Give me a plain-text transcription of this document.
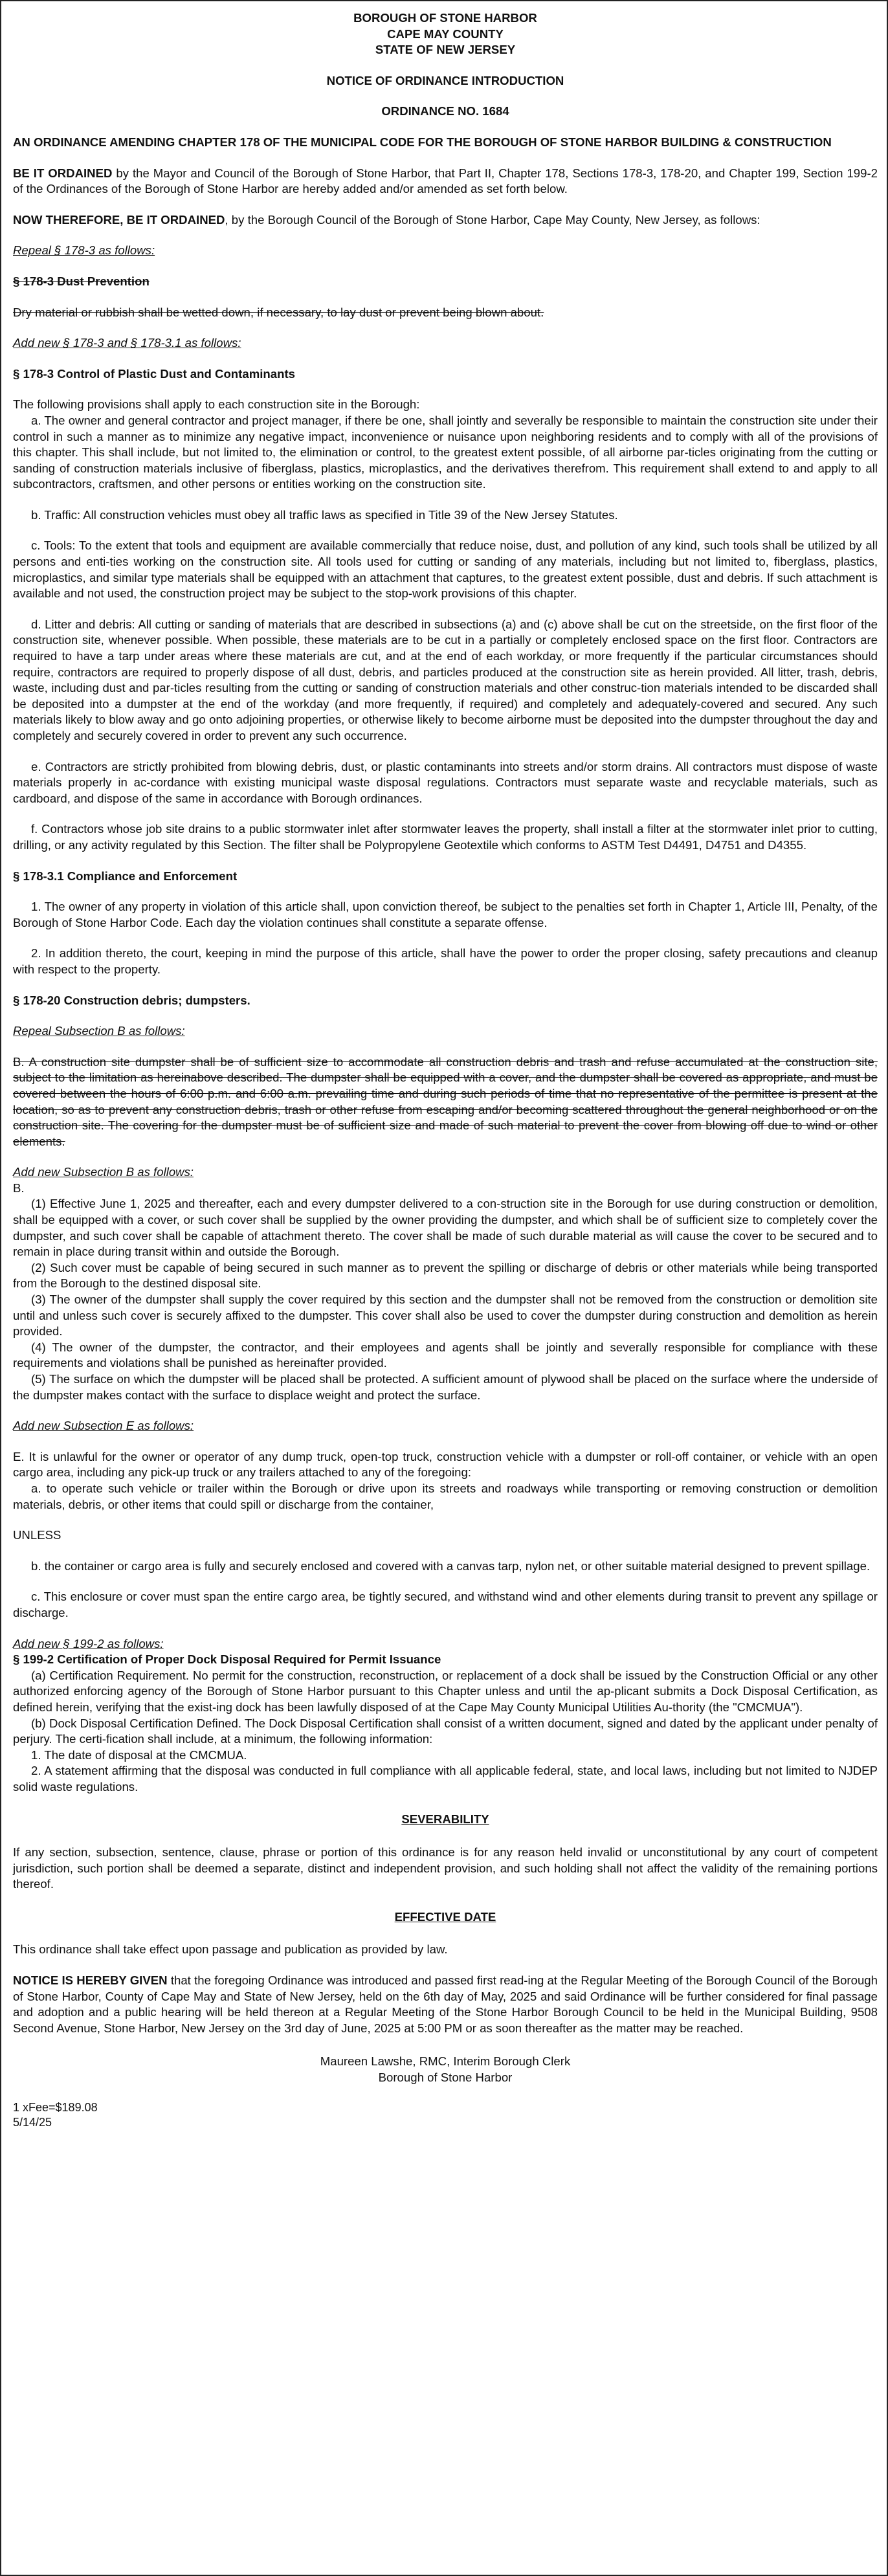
BOROUGH OF STONE HARBOR

CAPE MAY COUNTY

STATE OF NEW JERSEY

NOTICE OF ORDINANCE INTRODUCTION

ORDINANCE NO. 1684

AN ORDINANCE AMENDING CHAPTER 178 OF THE MUNICIPAL CODE FOR THE BOROUGH OF STONE HARBOR BUILDING & CONSTRUCTION

BE IT ORDAINED by the Mayor and Council of the Borough of Stone Harbor, that Part II, Chapter 178, Sections 178-3, 178-20, and Chapter 199, Section 199-2 of the Ordinances of the Borough of Stone Harbor are hereby added and/or amended as set forth below.

NOW THEREFORE, BE IT ORDAINED, by the Borough Council of the Borough of Stone Harbor, Cape May County, New Jersey, as follows:

Repeal § 178-3 as follows:

§ 178-3 Dust Prevention

Dry material or rubbish shall be wetted down, if necessary, to lay dust or prevent being blown about.

Add new § 178-3 and § 178-3.1 as follows:

§ 178-3 Control of Plastic Dust and Contaminants

The following provisions shall apply to each construction site in the Borough:

a. The owner and general contractor and project manager, if there be one, shall jointly and severally be responsible to maintain the construction site under their control in such a manner as to minimize any negative impact, inconvenience or nuisance upon neighboring residents and to comply with all of the provisions of this chapter. This shall include, but not limited to, the elimination or control, to the greatest extent possible, of all airborne par-ticles originating from the cutting or sanding of construction materials inclusive of fiberglass, plastics, microplastics, and the derivatives therefrom. This requirement shall extend to and apply to all subcontractors, craftsmen, and other persons or entities working on the construction site.

b. Traffic: All construction vehicles must obey all traffic laws as specified in Title 39 of the New Jersey Statutes.

c. Tools: To the extent that tools and equipment are available commercially that reduce noise, dust, and pollution of any kind, such tools shall be utilized by all persons and enti-ties working on the construction site. All tools used for cutting or sanding of any materials, including but not limited to, fiberglass, plastics, microplastics, and similar type materials shall be equipped with an attachment that captures, to the greatest extent possible, dust and debris. If such attachment is available and not used, the construction project may be subject to the stop-work provisions of this chapter.

d. Litter and debris: All cutting or sanding of materials that are described in subsections (a) and (c) above shall be cut on the streetside, on the first floor of the construction site, whenever possible. When possible, these materials are to be cut in a partially or completely enclosed space on the first floor. Contractors are required to have a tarp under areas where these materials are cut, and at the end of each workday, or more frequently if the particular circumstances should require, contractors are required to properly dispose of all dust, debris, and particles produced at the construction site as herein provided. All litter, trash, debris, waste, including dust and par-ticles resulting from the cutting or sanding of construction materials and other construc-tion materials intended to be discarded shall be deposited into a dumpster at the end of the workday (and more frequently, if required) and completely and adequately-covered and secured. Any such materials likely to blow away and go onto adjoining properties, or otherwise likely to become airborne must be deposited into the dumpster throughout the day and completely and securely covered in order to prevent any such occurrence.

e. Contractors are strictly prohibited from blowing debris, dust, or plastic contaminants into streets and/or storm drains. All contractors must dispose of waste materials properly in ac-cordance with existing municipal waste disposal regulations. Contractors must separate waste and recyclable materials, such as cardboard, and dispose of the same in accordance with Borough ordinances.

f. Contractors whose job site drains to a public stormwater inlet after stormwater leaves the property, shall install a filter at the stormwater inlet prior to cutting, drilling, or any activity regulated by this Section. The filter shall be Polypropylene Geotextile which conforms to ASTM Test D4491, D4751 and D4355.

§ 178-3.1 Compliance and Enforcement

1. The owner of any property in violation of this article shall, upon conviction thereof, be subject to the penalties set forth in Chapter 1, Article III, Penalty, of the Borough of Stone Harbor Code. Each day the violation continues shall constitute a separate offense.

2. In addition thereto, the court, keeping in mind the purpose of this article, shall have the power to order the proper closing, safety precautions and cleanup with respect to the property.

§ 178-20 Construction debris; dumpsters.

Repeal Subsection B as follows:

B. A construction site dumpster shall be of sufficient size to accommodate all construction debris and trash and refuse accumulated at the construction site, subject to the limitation as hereinabove described. The dumpster shall be equipped with a cover, and the dumpster shall be covered as appropriate, and must be covered between the hours of 6:00 p.m. and 6:00 a.m. prevailing time and during such periods of time that no representative of the permittee is present at the location, so as to prevent any construction debris, trash or other refuse from escaping and/or becoming scattered throughout the general neighborhood or on the construction site. The covering for the dumpster must be of sufficient size and made of such material to prevent the cover from blowing off due to wind or other elements.

Add new Subsection B as follows:

B.

(1) Effective June 1, 2025 and thereafter, each and every dumpster delivered to a con-struction site in the Borough for use during construction or demolition, shall be equipped with a cover, or such cover shall be supplied by the owner providing the dumpster, and which shall be of sufficient size to completely cover the dumpster, and such cover shall be capable of attachment thereto. The cover shall be made of such durable material as will cause the cover to be secured and to remain in place during transit within and outside the Borough.

(2) Such cover must be capable of being secured in such manner as to prevent the spilling or discharge of debris or other materials while being transported from the Borough to the destined disposal site.

(3) The owner of the dumpster shall supply the cover required by this section and the dumpster shall not be removed from the construction or demolition site until and unless such cover is securely affixed to the dumpster. This cover shall also be used to cover the dumpster during construction and demolition as herein provided.

(4) The owner of the dumpster, the contractor, and their employees and agents shall be jointly and severally responsible for compliance with these requirements and violations shall be punished as hereinafter provided.

(5) The surface on which the dumpster will be placed shall be protected. A sufficient amount of plywood shall be placed on the surface where the underside of the dumpster makes contact with the surface to displace weight and protect the surface.

Add new Subsection E as follows:

E. It is unlawful for the owner or operator of any dump truck, open-top truck, construction vehicle with a dumpster or roll-off container, or vehicle with an open cargo area, including any pick-up truck or any trailers attached to any of the foregoing:

a. to operate such vehicle or trailer within the Borough or drive upon its streets and roadways while transporting or removing construction or demolition materials, debris, or other items that could spill or discharge from the container,

UNLESS

b. the container or cargo area is fully and securely enclosed and covered with a canvas tarp, nylon net, or other suitable material designed to prevent spillage.

c. This enclosure or cover must span the entire cargo area, be tightly secured, and withstand wind and other elements during transit to prevent any spillage or discharge.

Add new § 199-2 as follows:

§ 199-2 Certification of Proper Dock Disposal Required for Permit Issuance

(a) Certification Requirement. No permit for the construction, reconstruction, or replacement of a dock shall be issued by the Construction Official or any other authorized enforcing agency of the Borough of Stone Harbor pursuant to this Chapter unless and until the ap-plicant submits a Dock Disposal Certification, as defined herein, verifying that the exist-ing dock has been lawfully disposed of at the Cape May County Municipal Utilities Au-thority (the "CMCMUA").

(b) Dock Disposal Certification Defined. The Dock Disposal Certification shall consist of a written document, signed and dated by the applicant under penalty of perjury. The certi-fication shall include, at a minimum, the following information:

1. The date of disposal at the CMCMUA.

2. A statement affirming that the disposal was conducted in full compliance with all applicable federal, state, and local laws, including but not limited to NJDEP solid waste regulations.

SEVERABILITY

If any section, subsection, sentence, clause, phrase or portion of this ordinance is for any reason held invalid or unconstitutional by any court of competent jurisdiction, such portion shall be deemed a separate, distinct and independent provision, and such holding shall not affect the validity of the remaining portions thereof.

EFFECTIVE DATE

This ordinance shall take effect upon passage and publication as provided by law.

NOTICE IS HEREBY GIVEN that the foregoing Ordinance was introduced and passed first read-ing at the Regular Meeting of the Borough Council of the Borough of Stone Harbor, County of Cape May and State of New Jersey, held on the 6th day of May, 2025 and said Ordinance will be further considered for final passage and adoption and a public hearing will be held thereon at a Regular Meeting of the Stone Harbor Borough Council to be held in the Municipal Building, 9508 Second Avenue, Stone Harbor, New Jersey on the 3rd day of June, 2025 at 5:00 PM or as soon thereafter as the matter may be reached.

Maureen Lawshe, RMC, Interim Borough Clerk

Borough of Stone Harbor

1 xFee=$189.08

5/14/25
